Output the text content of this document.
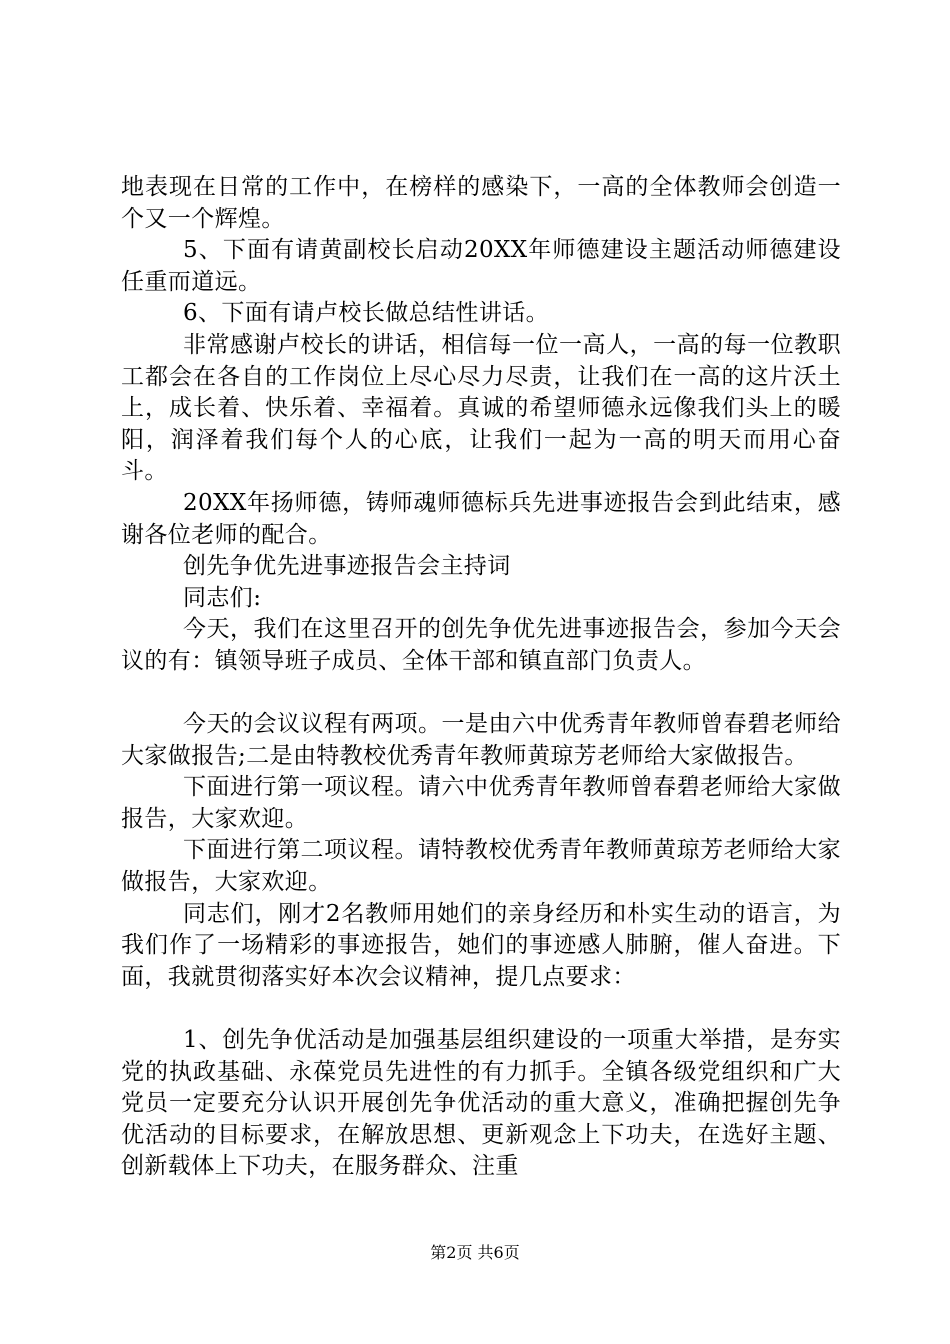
地表现在日常的工作中，在榜样的感染下，一高的全体教师会创造一个又一个辉煌。

5、下面有请黄副校长启动20XX年师德建设主题活动师德建设任重而道远。

6、下面有请卢校长做总结性讲话。

非常感谢卢校长的讲话，相信每一位一高人，一高的每一位教职工都会在各自的工作岗位上尽心尽力尽责，让我们在一高的这片沃土上，成长着、快乐着、幸福着。真诚的希望师德永远像我们头上的暖阳，润泽着我们每个人的心底，让我们一起为一高的明天而用心奋斗。

20XX年扬师德，铸师魂师德标兵先进事迹报告会到此结束，感谢各位老师的配合。

创先争优先进事迹报告会主持词

同志们:

今天，我们在这里召开的创先争优先进事迹报告会，参加今天会议的有：镇领导班子成员、全体干部和镇直部门负责人。

今天的会议议程有两项。一是由六中优秀青年教师曾春碧老师给大家做报告;二是由特教校优秀青年教师黄琼芳老师给大家做报告。

下面进行第一项议程。请六中优秀青年教师曾春碧老师给大家做报告，大家欢迎。

下面进行第二项议程。请特教校优秀青年教师黄琼芳老师给大家做报告，大家欢迎。

同志们，刚才2名教师用她们的亲身经历和朴实生动的语言，为我们作了一场精彩的事迹报告，她们的事迹感人肺腑，催人奋进。下面，我就贯彻落实好本次会议精神，提几点要求：

1、创先争优活动是加强基层组织建设的一项重大举措，是夯实党的执政基础、永葆党员先进性的有力抓手。全镇各级党组织和广大党员一定要充分认识开展创先争优活动的重大意义，准确把握创先争优活动的目标要求，在解放思想、更新观念上下功夫，在选好主题、创新载体上下功夫，在服务群众、注重

第2页 共6页
